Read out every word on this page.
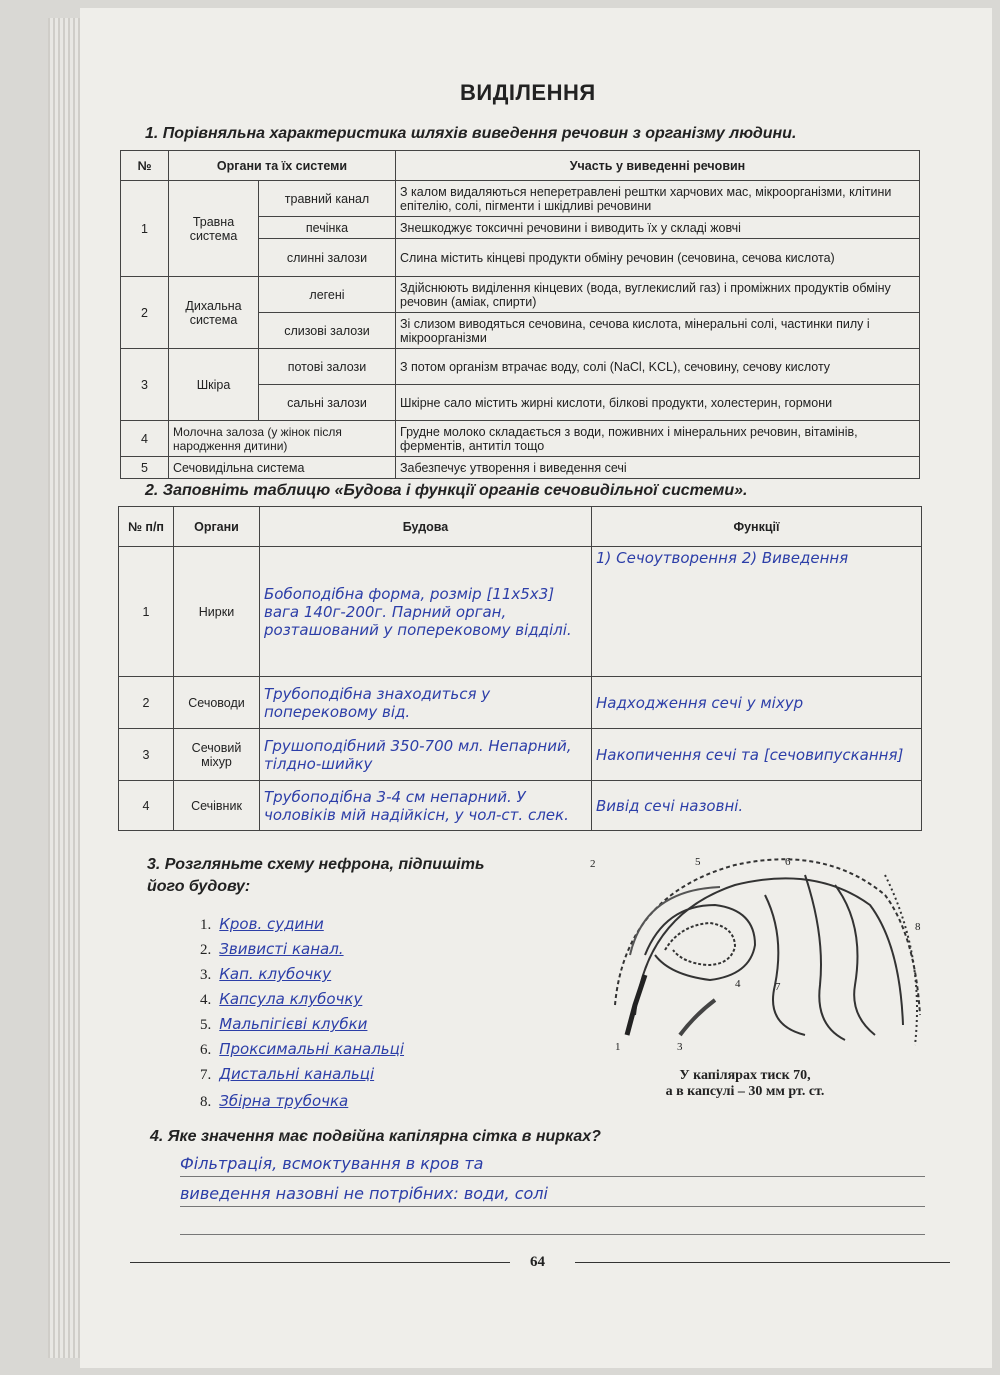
ВИДІЛЕННЯ
1. Порівняльна характеристика шляхів виведення речовин з організму людини.
№	Органи та їх системи		Участь у виведенні речовин
1	Травна система	травний канал	З калом видаляються неперетравлені рештки харчових мас, мікроорганізми, клітини епітелію, солі, пігменти і шкідливі речовини
		печінка	Знешкоджує токсичні речовини і виводить їх у складі жовчі
		слинні залози	Слина містить кінцеві продукти обміну речовин (сечовина, сечова кислота)
2	Дихальна система	легені	Здійснюють виділення кінцевих (вода, вуглекислий газ) і проміжних продуктів обміну речовин (аміак, спирти)
		слизові залози	Зі слизом виводяться сечовина, сечова кислота, мінеральні солі, частинки пилу і мікроорганізми
3	Шкіра	потові залози	З потом організм втрачає воду, солі (NaCl, KCL), сечовину, сечову кислоту
		сальні залози	Шкірне сало містить жирні кислоти, білкові продукти, холестерин, гормони
4	Молочна залоза (у жінок після народження дитини)		Грудне молоко складається з води, поживних і мінеральних речовин, вітамінів, ферментів, антитіл тощо
5	Сечовидільна система		Забезпечує утворення і виведення сечі
2. Заповніть таблицю «Будова і функції органів сечовидільної системи».
№ п/п	Органи	Будова	Функції
1	Нирки	Бобоподібна форма, розмір [11x5x3] вага 140г-200г. Парний орган, розташований у поперековому відділі.	1) Сечоутворення 2) Виведення
2	Сечоводи	Трубоподібна знаходиться у поперековому від.	Надходження сечі у міхур
3	Сечовий міхур	Грушоподібний 350-700 мл. Непарний, тілдно-шийку	Накопичення сечі та [сечовипускання]
4	Сечівник	Трубоподібна 3-4 см непарний. У чоловіків мій надійкісн, у чол-ст. слек.	Вивід сечі назовні.
3. Розгляньте схему нефрона, підпишіть
його будову:
1. Кров. судини
2. Звивисті канал.
3. Кап. клубочку
4. Капсула клубочку
5. Мальпігієві клубки
6. Проксимальні канальці
7. Дистальні канальці
8. Збірна трубочка
1
2
3
4
5	6
7
8
У капілярах тиск 70,
а в капсулі – 30 мм рт. ст.
4. Яке значення має подвійна капілярна сітка в нирках?
Фільтрація, всмоктування в кров та
виведення назовні не потрібних: води, солі
64
